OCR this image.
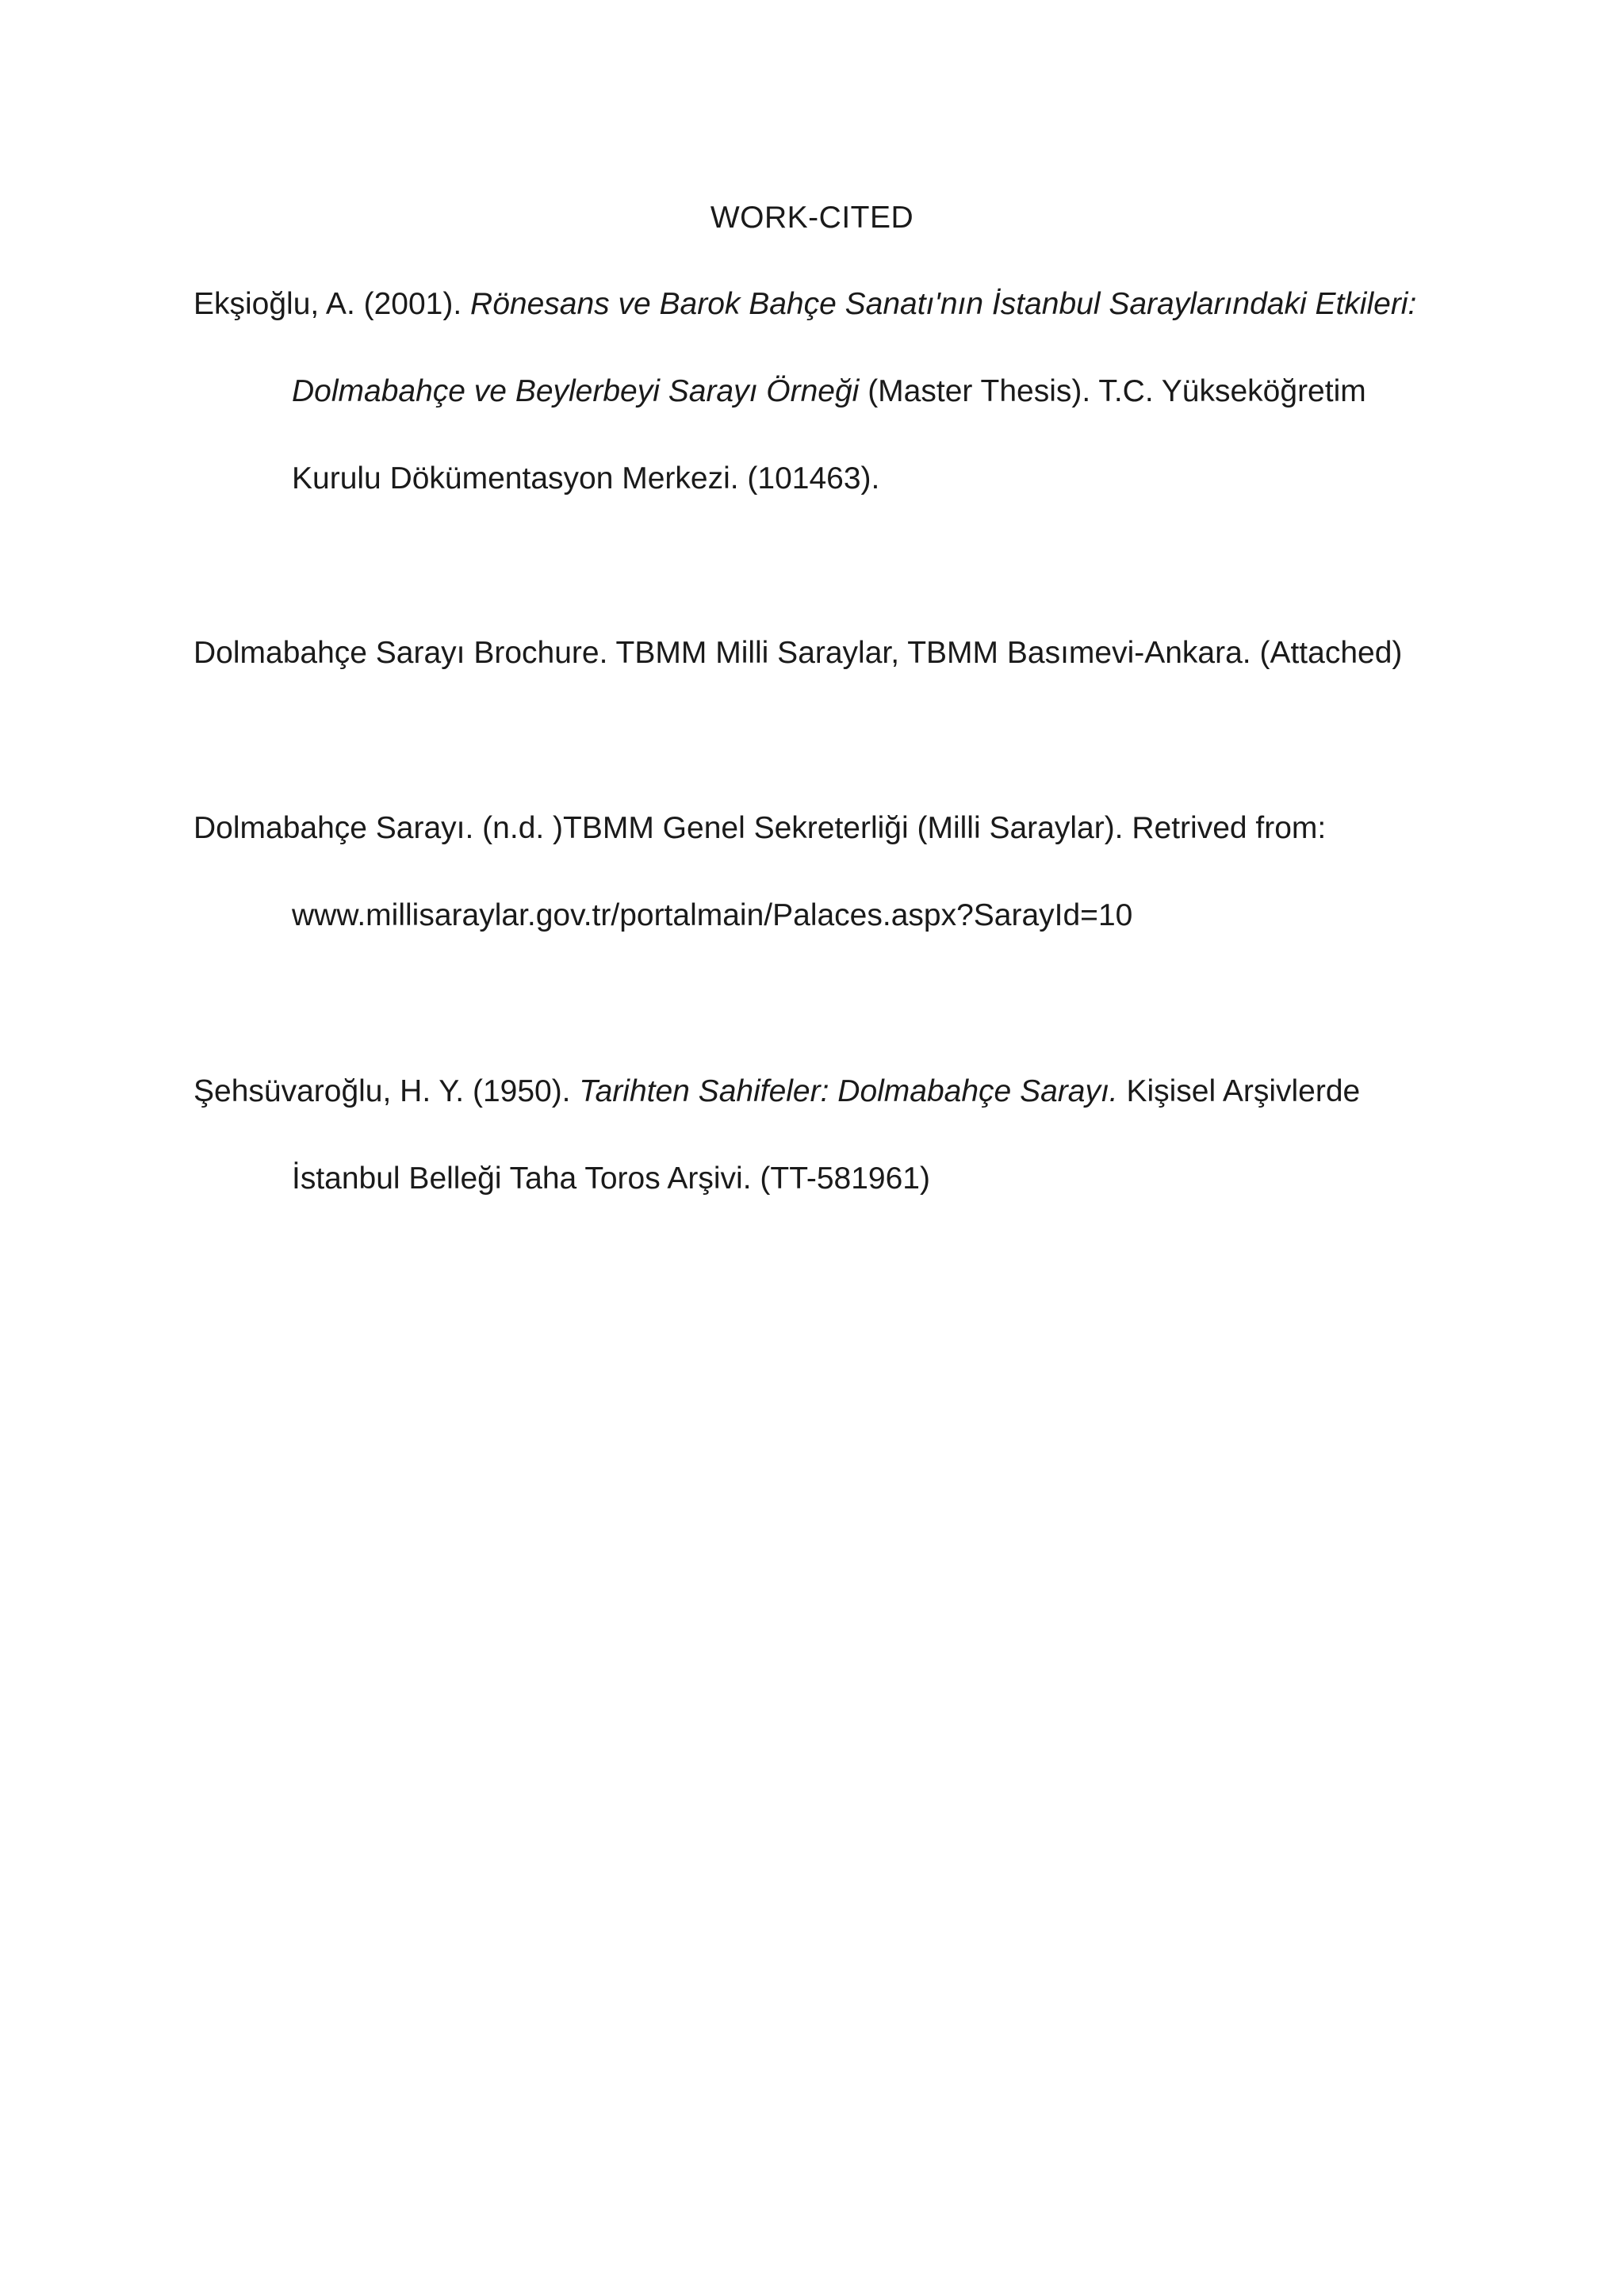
WORK-CITED
Ekşioğlu, A. (2001). Rönesans ve Barok Bahçe Sanatı'nın İstanbul Saraylarındaki Etkileri:
Dolmabahçe ve Beylerbeyi Sarayı Örneği (Master Thesis). T.C. Yükseköğretim
Kurulu Dökümentasyon Merkezi. (101463).
Dolmabahçe Sarayı Brochure. TBMM Milli Saraylar, TBMM Basımevi-Ankara. (Attached)
Dolmabahçe Sarayı. (n.d. )TBMM Genel Sekreterliği (Milli Saraylar). Retrived from:
www.millisaraylar.gov.tr/portalmain/Palaces.aspx?SarayId=10
Şehsüvaroğlu, H. Y. (1950). Tarihten Sahifeler: Dolmabahçe Sarayı. Kişisel Arşivlerde
İstanbul Belleği Taha Toros Arşivi. (TT-581961)
